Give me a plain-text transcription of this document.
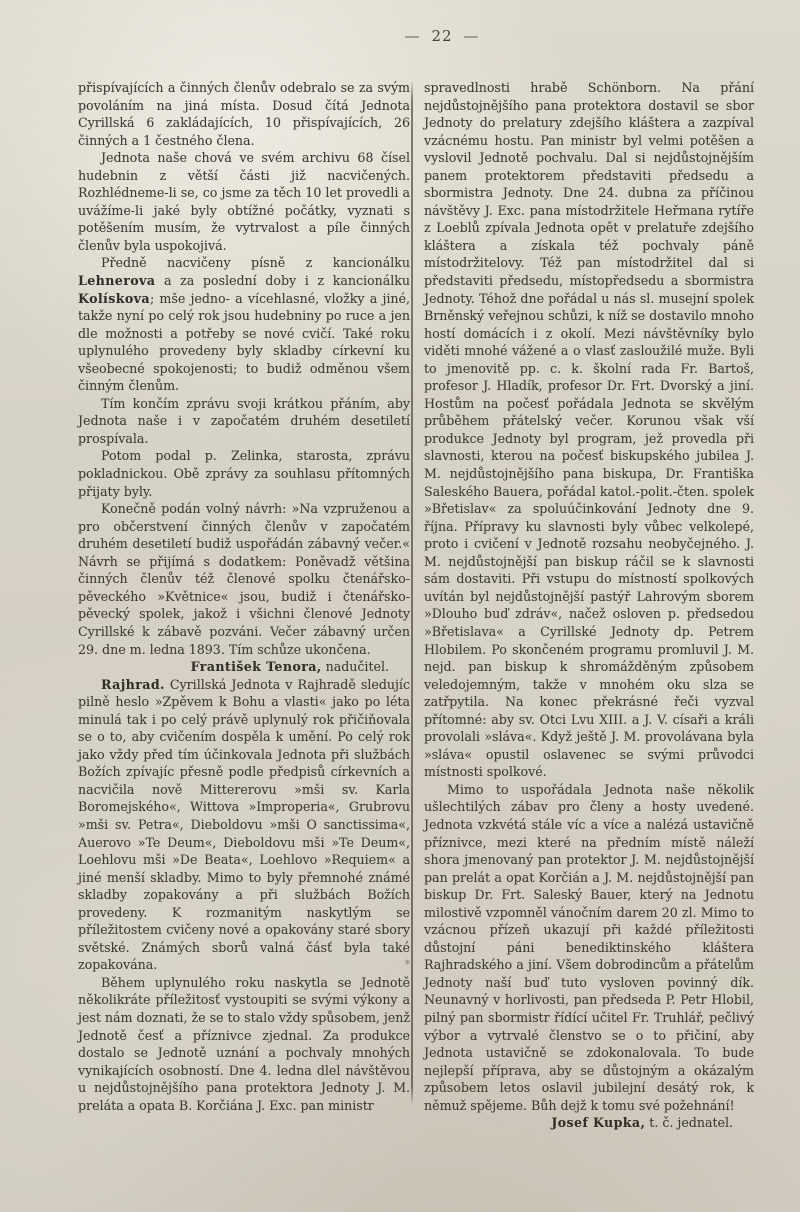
— 22 —

přispívajících a činných členův odebralo se za svým povoláním na jiná místa. Dosud čítá Jednota Cyrillská 6 zakládajících, 10 přispívajících, 26 činných a 1 čestného člena.

Jednota naše chová ve svém archivu 68 čísel hudebnin z větší části již nacvičených. Rozhlédneme-li se, co jsme za těch 10 let provedli a uvážíme-li jaké byly obtížné počátky, vyznati s potěšením musím, že vytrvalost a píle činných členův byla uspokojivá.

Předně nacvičeny písně z kancionálku Lehnerova a za poslední doby i z kancionálku Kolískova; mše jedno- a vícehlasné, vložky a jiné, takže nyní po celý rok jsou hudebniny po ruce a jen dle možnosti a potřeby se nové cvičí. Také roku uplynulého provedeny byly skladby církevní ku všeobecné spokojenosti; to budiž odměnou všem činným členům.

Tím končím zprávu svoji krátkou přáním, aby Jednota naše i v započatém druhém desetiletí prospívala.

Potom podal p. Zelinka, starosta, zprávu pokladnickou. Obě zprávy za souhlasu přítomných přijaty byly.

Konečně podán volný návrh: »Na vzpruženou a pro občerstvení činných členův v započatém druhém desetiletí budiž uspořádán zábavný večer.« Návrh se přijímá s dodatkem: Poněvadž většina činných členův též členové spolku čtenářsko-pěveckého »Květnice« jsou, budiž i čtenářsko-pěvecký spolek, jakož i všichni členové Jednoty Cyrillské k zábavě pozváni. Večer zábavný určen 29. dne m. ledna 1893. Tím schůze ukončena.

František Tenora, nadučitel.

Rajhrad. Cyrillská Jednota v Rajhradě sledujíc pilně heslo »Zpěvem k Bohu a vlasti« jako po léta minulá tak i po celý právě uplynulý rok přičiňovala se o to, aby cvičením dospěla k umění. Po celý rok jako vždy před tím účinkovala Jednota při službách Božích zpívajíc přesně podle předpisů církevních a nacvičila nově Mittererovu »mši sv. Karla Boromejského«, Wittova »Improperia«, Grubrovu »mši sv. Petra«, Dieboldovu »mši O sanctissima«, Auerovo »Te Deum«, Dieboldovu mši »Te Deum«, Loehlovu mši »De Beata«, Loehlovo »Requiem« a jiné menší skladby. Mimo to byly přemnohé známé skladby zopakovány a při službách Božích provedeny. K rozmanitým naskytlým se příležitostem cvičeny nové a opakovány staré sbory světské. Známých sborů valná čásť byla také zopakována.	*

Během uplynulého roku naskytla se Jednotě několikráte příležitosť vystoupiti se svými výkony a jest nám doznati, že se to stalo vždy spůsobem, jenž Jednotě česť a příznivce zjednal. Za produkce dostalo se Jednotě uznání a pochvaly mnohých vynikajících osobností. Dne 4. ledna dlel návštěvou u nejdůstojnějšího pana protektora Jednoty J. M. preláta a opata B. Korčiána J. Exc. pan ministr

spravedlnosti hrabě Schönborn. Na přání nejdůstojnějšího pana protektora dostavil se sbor Jednoty do prelatury zdejšího kláštera a zazpíval vzácnému hostu. Pan ministr byl velmi potěšen a vyslovil Jednotě pochvalu. Dal si nejdůstojnějším panem protektorem představiti předsedu a sbormistra Jednoty. Dne 24. dubna za příčinou návštěvy J. Exc. pana místodržitele Heřmana rytíře z Loeblů zpívala Jednota opět v prelatuře zdejšího kláštera a získala též pochvaly páně místodržitelovy. Též pan místodržitel dal si představiti předsedu, místopředsedu a sbormistra Jednoty. Téhož dne pořádal u nás sl. musejní spolek Brněnský veřejnou schůzi, k níž se dostavilo mnoho hostí domácích i z okolí. Mezi návštěvníky bylo viděti mnohé vážené a o vlasť zasloužilé muže. Byli to jmenovitě pp. c. k. školní rada Fr. Bartoš, profesor J. Hladík, profesor Dr. Frt. Dvorský a jiní. Hostům na počesť pořádala Jednota se skvělým průběhem přátelský večer. Korunou však vší produkce Jednoty byl program, jež provedla při slavnosti, kterou na počesť biskupského jubilea J. M. nejdůstojnějšího pana biskupa, Dr. Františka Saleského Bauera, pořádal katol.-polit.-čten. spolek »Břetislav« za spoluúčinkování Jednoty dne 9. října. Přípravy ku slavnosti byly vůbec velkolepé, proto i cvičení v Jednotě rozsahu neobyčejného. J. M. nejdůstojnější pan biskup ráčil se k slavnosti sám dostaviti. Při vstupu do místností spolkových uvítán byl nejdůstojnější pastýř Lahrovým sborem »Dlouho buď zdráv«, načež osloven p. předsedou »Břetislava« a Cyrillské Jednoty dp. Petrem Hlobilem. Po skončeném programu promluvil J. M. nejd. pan biskup k shromážděným způsobem veledojemným, takže v mnohém oku slza se zatřpytila. Na konec překrásné řeči vyzval přítomné: aby sv. Otci Lvu XIII. a J. V. císaři a králi provolali »sláva«. Když ještě J. M. provolávana byla »sláva« opustil oslavenec se svými průvodci místnosti spolkové.

Mimo to uspořádala Jednota naše několik ušlechtilých zábav pro členy a hosty uvedené. Jednota vzkvétá stále víc a více a nalézá ustavičně příznivce, mezi které na předním místě náleží shora jmenovaný pan protektor J. M. nejdůstojnější pan prelát a opat Korčián a J. M. nejdůstojnější pan biskup Dr. Frt. Saleský Bauer, který na Jednotu milostivě vzpomněl vánočním darem 20 zl. Mimo to vzácnou přízeň ukazují při každé příležitosti důstojní páni benediktinského kláštera Rajhradského a jiní. Všem dobrodincům a přátelům Jednoty naší buď tuto vysloven povinný dík. Neunavný v horlivosti, pan předseda P. Petr Hlobil, pilný pan sbormistr řídící učitel Fr. Truhlář, pečlivý výbor a vytrvalé členstvo se o to přičiní, aby Jednota ustavičně se zdokonalovala. To bude nejlepší příprava, aby se důstojným a okázalým způsobem letos oslavil jubilejní desátý rok, k němuž spějeme. Bůh dejž k tomu své požehnání!

Josef Kupka, t. č. jednatel.
